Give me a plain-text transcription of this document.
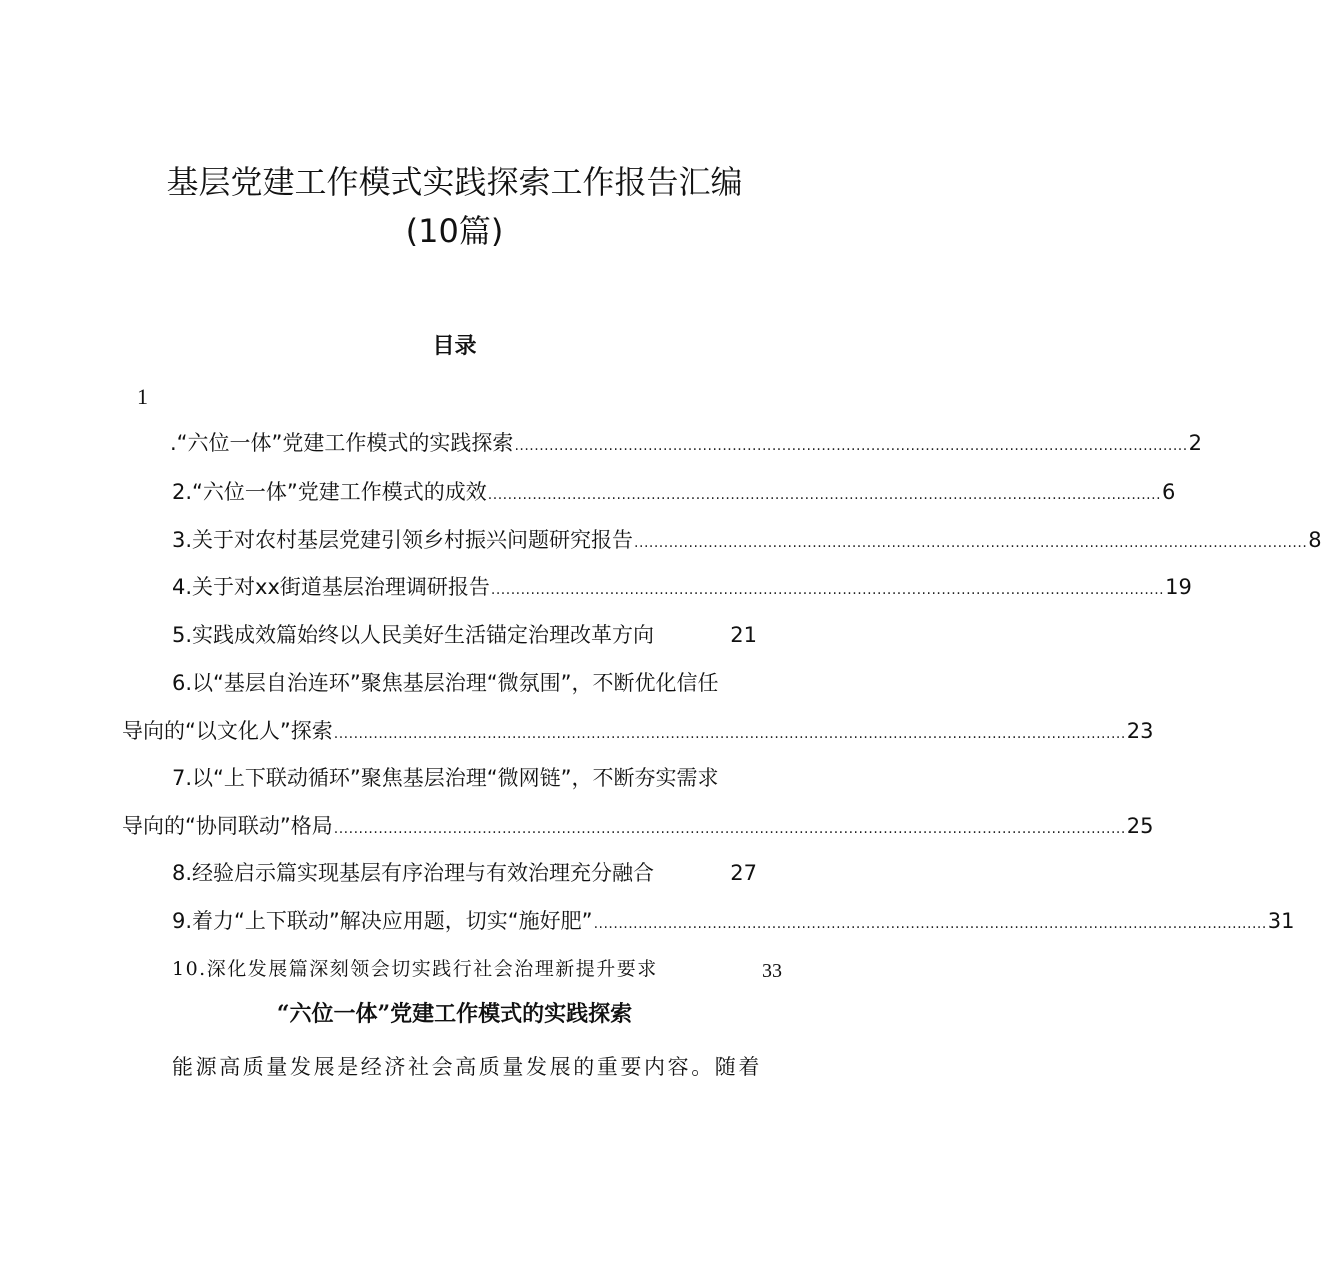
基层党建工作模式实践探索工作报告汇编
(10篇)
目录
1
.“六位一体”党建工作模式的实践探索 ........................................................................................................................................ 2
2.“六位一体”党建工作模式的成效 ........................................................................................................................................ 6
3.关于对农村基层党建引领乡村振兴问题研究报告 ........................................................................................................................................ 8
4.关于对xx街道基层治理调研报告 ........................................................................................................................................ 19
5.实践成效篇始终以人民美好生活锚定治理改革方向	21
6.以“基层自治连环”聚焦基层治理“微氛围”，不断优化信任
导向的“以文化人”探索 ................................................................................................................................................................ 23
7.以“上下联动循环”聚焦基层治理“微网链”，不断夯实需求
导向的“协同联动”格局 ................................................................................................................................................................ 25
8.经验启示篇实现基层有序治理与有效治理充分融合	27
9.着力“上下联动”解决应用题，切实“施好肥” ........................................................................................................................................ 31
10.深化发展篇深刻领会切实践行社会治理新提升要求	33
“六位一体”党建工作模式的实践探索
能源高质量发展是经济社会高质量发展的重要内容。随着
